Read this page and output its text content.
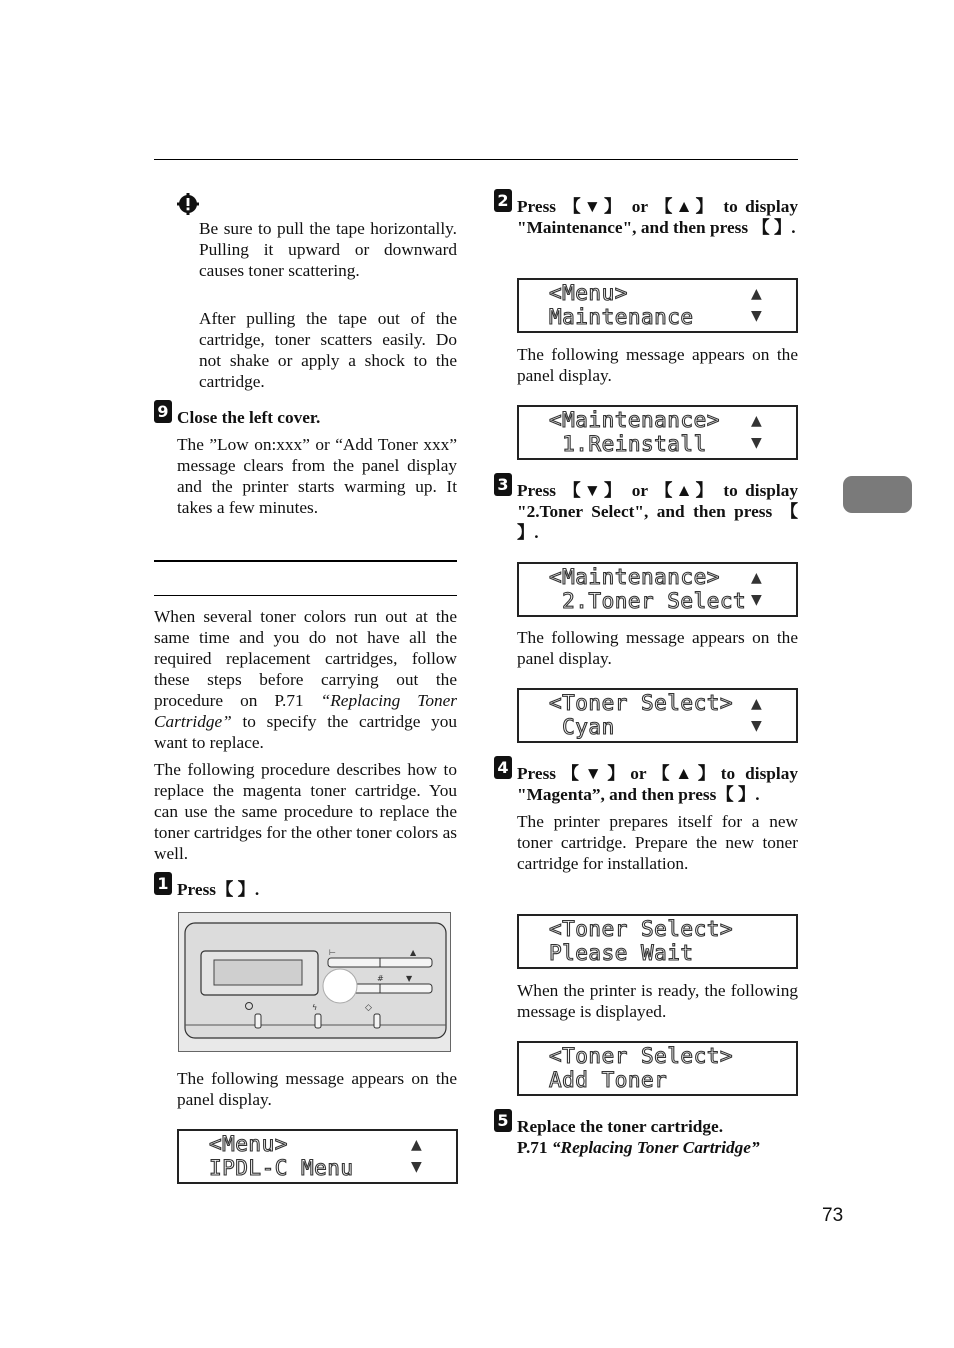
Be sure to pull the tape horizontally. Pulling it upward or downward causes toner scattering.
After pulling the tape out of the cartridge, toner scatters easily. Do not shake or apply a shock to the cartridge.
9 Close the left cover.
The ”Low on:xxx” or “Add Toner xxx” message clears from the panel display and the printer starts warming up. It takes a few minutes.
When several toner colors run out at the same time and you do not have all the required replacement cartridges, follow these steps before carrying out the procedure on P.71 “Replacing Toner Cartridge” to specify the cartridge you want to replace.
The following procedure describes how to replace the magenta toner cartridge. You can use the same procedure to replace the toner cartridges for the other toner colors as well.
1 Press【 】.
▲
▼
#
⊢
ϟ	◇
The following message appears on the panel display.
<Menu>
IPDL-C Menu
▲
▼
2 Press 【▼】 or 【▲】 to display "Maintenance", and then press 【 】.
<Menu>
Maintenance
▲
▼
The following message appears on the panel display.
<Maintenance>
1.Reinstall
▲
▼
3 Press 【▼】 or 【▲】 to display "2.Toner Select", and then press 【 】.
<Maintenance>
2.Toner Select
▲
▼
The following message appears on the panel display.
<Toner Select>
Cyan
▲
▼
4 Press【▼】or【▲】to display "Magenta”, and then press【 】.
The printer prepares itself for a new toner cartridge. Prepare the new toner cartridge for installation.
<Toner Select>
Please Wait
When the printer is ready, the following message is displayed.
<Toner Select>
Add Toner
5 Replace the toner cartridge.
P.71 “Replacing Toner Cartridge”
73
